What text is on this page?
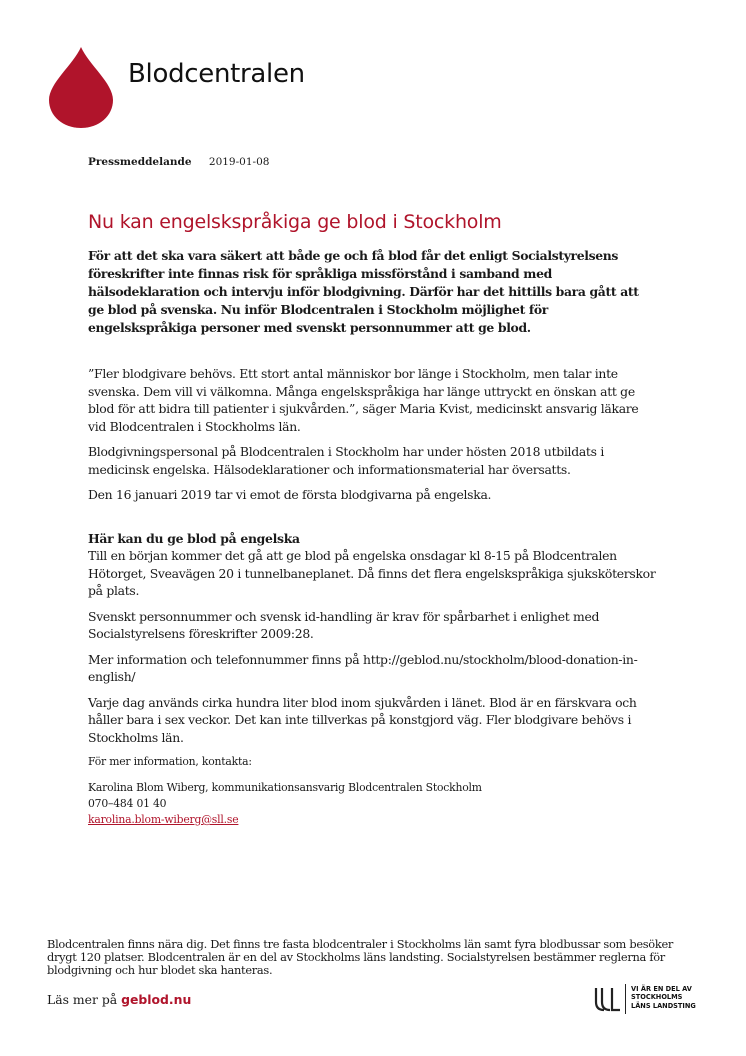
Blodcentralen
Pressmeddelande 2019-01-08
Nu kan engelskspråkiga ge blod i Stockholm

För att det ska vara säkert att både ge och få blod får det enligt Socialstyrelsens föreskrifter inte finnas risk för språkliga missförstånd i samband med hälsodeklaration och intervju inför blodgivning. Därför har det hittills bara gått att ge blod på svenska. Nu inför Blodcentralen i Stockholm möjlighet för engelskspråkiga personer med svenskt personnummer att ge blod.

”Fler blodgivare behövs. Ett stort antal människor bor länge i Stockholm, men talar inte svenska. Dem vill vi välkomna. Många engelskspråkiga har länge uttryckt en önskan att ge blod för att bidra till patienter i sjukvården.”, säger Maria Kvist, medicinskt ansvarig läkare vid Blodcentralen i Stockholms län.

Blodgivningspersonal på Blodcentralen i Stockholm har under hösten 2018 utbildats i medicinsk engelska. Hälsodeklarationer och informationsmaterial har översatts.

Den 16 januari 2019 tar vi emot de första blodgivarna på engelska.

Här kan du ge blod på engelska

Till en början kommer det gå att ge blod på engelska onsdagar kl 8-15 på Blodcentralen Hötorget, Sveavägen 20 i tunnelbaneplanet. Då finns det flera engelskspråkiga sjuksköterskor på plats.

Svenskt personnummer och svensk id-handling är krav för spårbarhet i enlighet med Socialstyrelsens föreskrifter 2009:28.

Mer information och telefonnummer finns på http://geblod.nu/stockholm/blood-donation-in-english/

Varje dag används cirka hundra liter blod inom sjukvården i länet. Blod är en färskvara och håller bara i sex veckor. Det kan inte tillverkas på konstgjord väg. Fler blodgivare behövs i Stockholms län.

För mer information, kontakta:

Karolina Blom Wiberg, kommunikationsansvarig Blodcentralen Stockholm

070–484 01 40

karolina.blom-wiberg@sll.se

Blodcentralen finns nära dig. Det finns tre fasta blodcentraler i Stockholms län samt fyra blodbussar som besöker drygt 120 platser. Blodcentralen är en del av Stockholms läns landsting. Socialstyrelsen bestämmer reglerna för blodgivning och hur blodet ska hanteras.
Läs mer på geblod.nu
VI ÄR EN DEL AV
STOCKHOLMS
LÄNS LANDSTING
